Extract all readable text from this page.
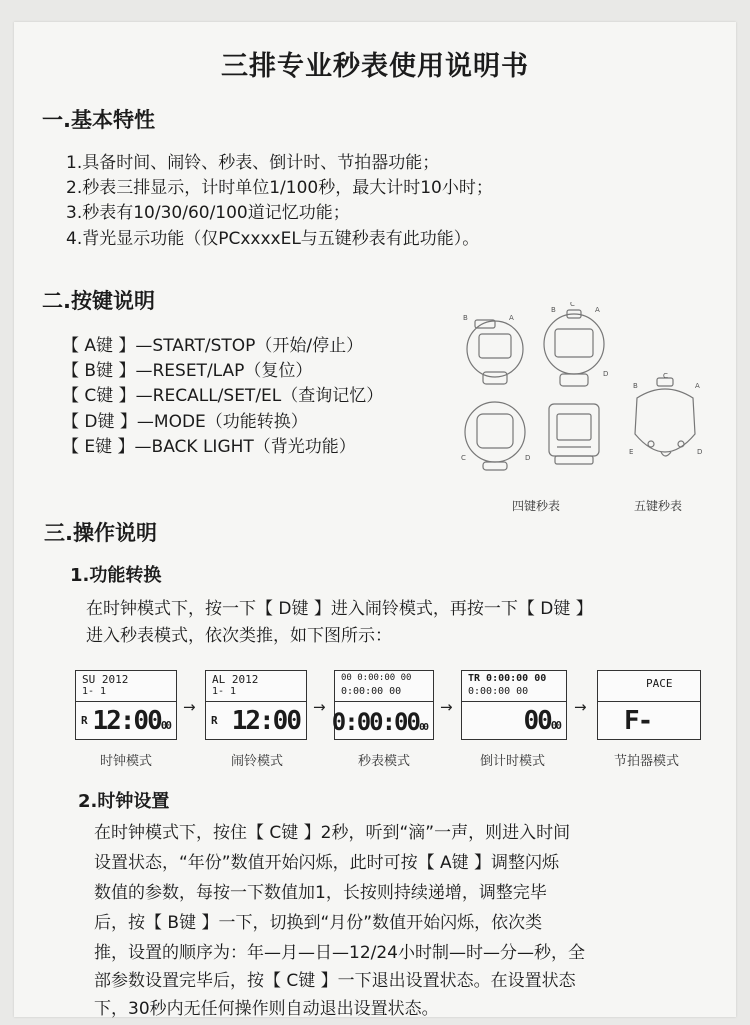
三排专业秒表使用说明书
一.基本特性
1.具备时间、闹铃、秒表、倒计时、节拍器功能；
2.秒表三排显示，计时单位1/100秒，最大计时10小时；
3.秒表有10/30/60/100道记忆功能；
4.背光显示功能（仅PCxxxxEL与五键秒表有此功能）。
二.按键说明
【 A键 】—START/STOP（开始/停止）
【 B键 】—RESET/LAP（复位）
【 C键 】—RECALL/SET/EL（查询记忆）
【 D键 】—MODE（功能转换）
【 E键 】—BACK LIGHT（背光功能）
B	A
B
C
A
D
C	D
B
C
A
E	D
四键秒表	五键秒表
三.操作说明
1.功能转换
在时钟模式下，按一下【 D键 】进入闹铃模式，再按一下【 D键 】
进入秒表模式，依次类推，如下图所示：
SU 2012
1- 1
R 12:0000
→
AL 2012
1- 1
R 12:00 →
00 0:00:00 00
0:00:00 00
0:00:0000
→
TR 0:00:00 00
0:00:00 00
0000
→
PACE
F-
时钟模式	闹铃模式	秒表模式	倒计时模式	节拍器模式
2.时钟设置
在时钟模式下，按住【 C键 】2秒，听到“滴”一声，则进入时间
设置状态，“年份”数值开始闪烁，此时可按【 A键 】调整闪烁
数值的参数，每按一下数值加1，长按则持续递增，调整完毕
后，按【 B键 】一下，切换到“月份”数值开始闪烁，依次类
推，设置的顺序为：年—月—日—12/24小时制—时—分—秒，全
部参数设置完毕后，按【 C键 】一下退出设置状态。在设置状态
下，30秒内无任何操作则自动退出设置状态。
